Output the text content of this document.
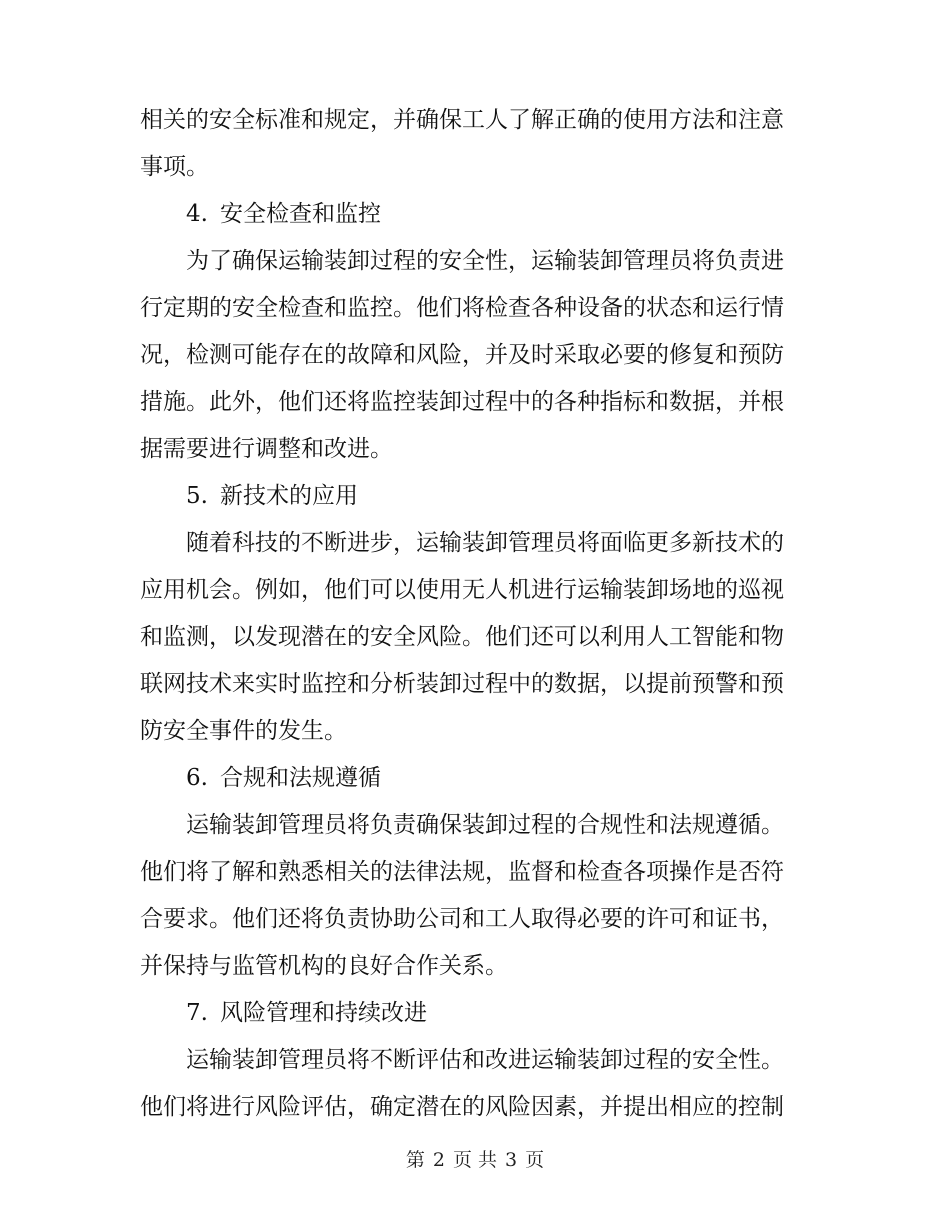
相关的安全标准和规定，并确保工人了解正确的使用方法和注意
事项。
4. 安全检查和监控
为了确保运输装卸过程的安全性，运输装卸管理员将负责进
行定期的安全检查和监控。他们将检查各种设备的状态和运行情
况，检测可能存在的故障和风险，并及时采取必要的修复和预防
措施。此外，他们还将监控装卸过程中的各种指标和数据，并根
据需要进行调整和改进。
5. 新技术的应用
随着科技的不断进步，运输装卸管理员将面临更多新技术的
应用机会。例如，他们可以使用无人机进行运输装卸场地的巡视
和监测，以发现潜在的安全风险。他们还可以利用人工智能和物
联网技术来实时监控和分析装卸过程中的数据，以提前预警和预
防安全事件的发生。
6. 合规和法规遵循
运输装卸管理员将负责确保装卸过程的合规性和法规遵循。
他们将了解和熟悉相关的法律法规，监督和检查各项操作是否符
合要求。他们还将负责协助公司和工人取得必要的许可和证书，
并保持与监管机构的良好合作关系。
7. 风险管理和持续改进
运输装卸管理员将不断评估和改进运输装卸过程的安全性。
他们将进行风险评估，确定潜在的风险因素，并提出相应的控制
第 2 页 共 3 页
